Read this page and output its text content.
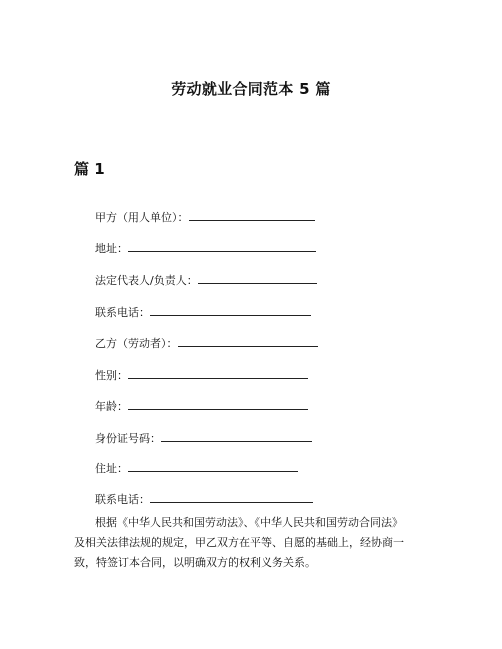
劳动就业合同范本 5 篇
篇 1
甲方（用人单位）：
地址：
法定代表人/负责人：
联系电话：
乙方（劳动者）：
性别：
年龄：
身份证号码：
住址：
联系电话：
根据《中华人民共和国劳动法》、《中华人民共和国劳动合同法》
及相关法律法规的规定，甲乙双方在平等、自愿的基础上，经协商一
致，特签订本合同，以明确双方的权利义务关系。
